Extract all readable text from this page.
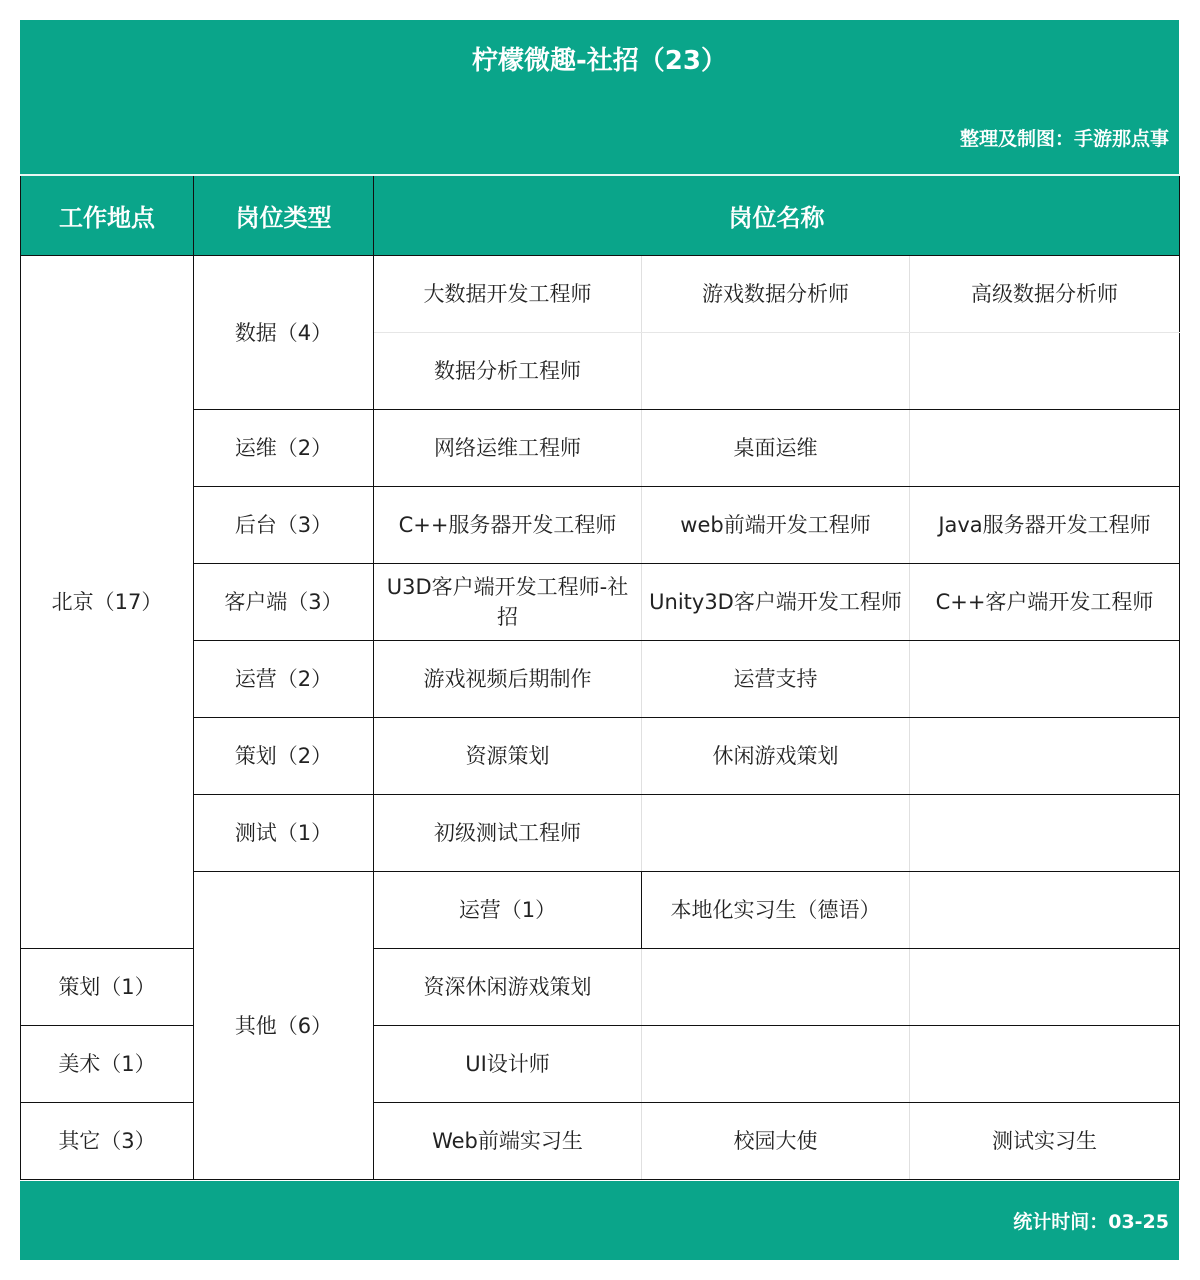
柠檬微趣-社招（23）
整理及制图：手游那点事
工作地点	岗位类型	岗位名称			
北京（17）	数据（4）	大数据开发工程师	游戏数据分析师	高级数据分析师	
		数据分析工程师			
	运维（2）	网络运维工程师	桌面运维		
	后台（3）	C++服务器开发工程师	web前端开发工程师	Java服务器开发工程师	
	客户端（3）	U3D客户端开发工程师-社招	Unity3D客户端开发工程师	C++客户端开发工程师	
	运营（2）	游戏视频后期制作	运营支持		
	策划（2）	资源策划	休闲游戏策划		
	测试（1）	初级测试工程师			
	其他（6）	运营（1）	本地化实习生（德语）		
策划（1）		资深休闲游戏策划			
美术（1）		UI设计师			
其它（3）		Web前端实习生	校园大使	测试实习生	
统计时间：03-25
